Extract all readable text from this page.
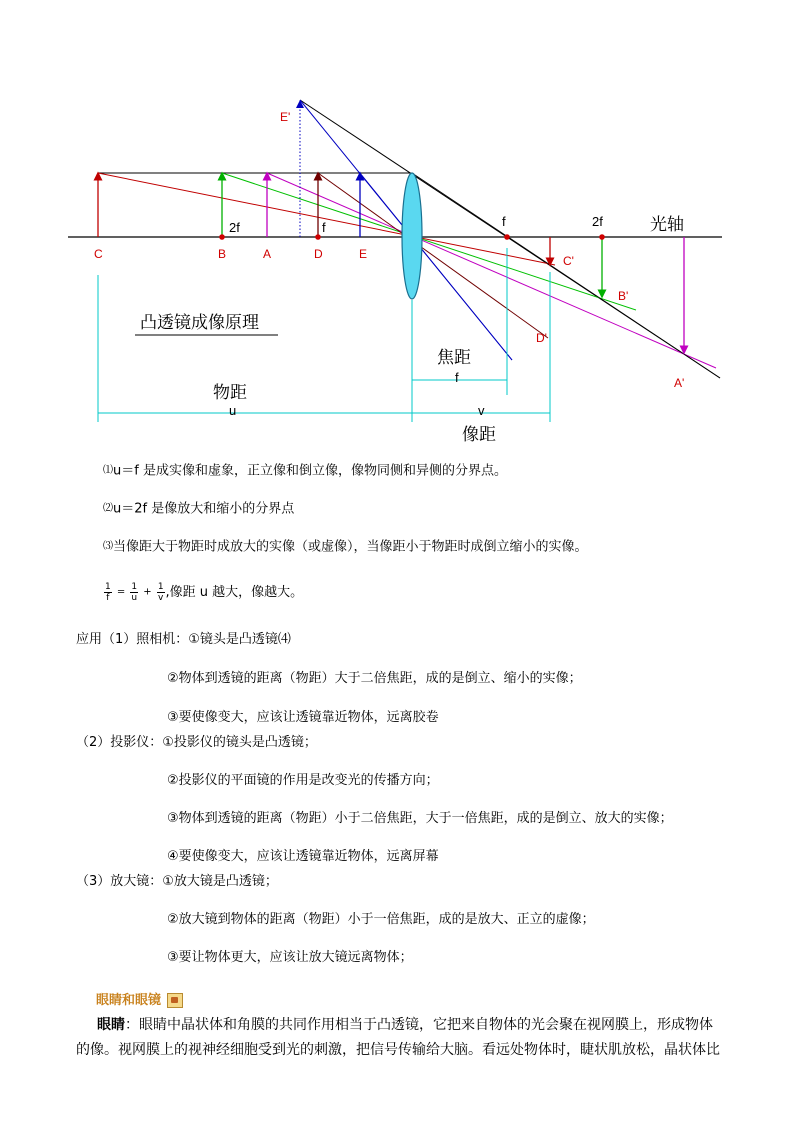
C	B	A	D	E
E'
C'
B'
D'
A'
2f	f	f	2f	光轴
凸透镜成像原理
焦距
f
物距
u	v
像距
⑴u＝f 是成实像和虚象，正立像和倒立像，像物同侧和异侧的分界点。
⑵u＝2f 是像放大和缩小的分界点
⑶当像距大于物距时成放大的实像（或虚像），当像距小于物距时成倒立缩小的实像。
$\frac{1}{f} = \frac{1}{u} + \frac{1}{v}$ ,像距 u 越大，像越大。
应用（1）照相机：①镜头是凸透镜⑷
②物体到透镜的距离（物距）大于二倍焦距，成的是倒立、缩小的实像；
③要使像变大，应该让透镜靠近物体，远离胶卷
（2）投影仪：①投影仪的镜头是凸透镜；
②投影仪的平面镜的作用是改变光的传播方向；
③物体到透镜的距离（物距）小于二倍焦距，大于一倍焦距，成的是倒立、放大的实像；
④要使像变大，应该让透镜靠近物体，远离屏幕
（3）放大镜：①放大镜是凸透镜；
②放大镜到物体的距离（物距）小于一倍焦距，成的是放大、正立的虚像；
③要让物体更大，应该让放大镜远离物体；
眼睛和眼镜
  眼睛：眼睛中晶状体和角膜的共同作用相当于凸透镜，它把来自物体的光会聚在视网膜上，形成物体的像。视网膜上的视神经细胞受到光的刺激，把信号传输给大脑。看远处物体时，睫状肌放松，晶状体比
